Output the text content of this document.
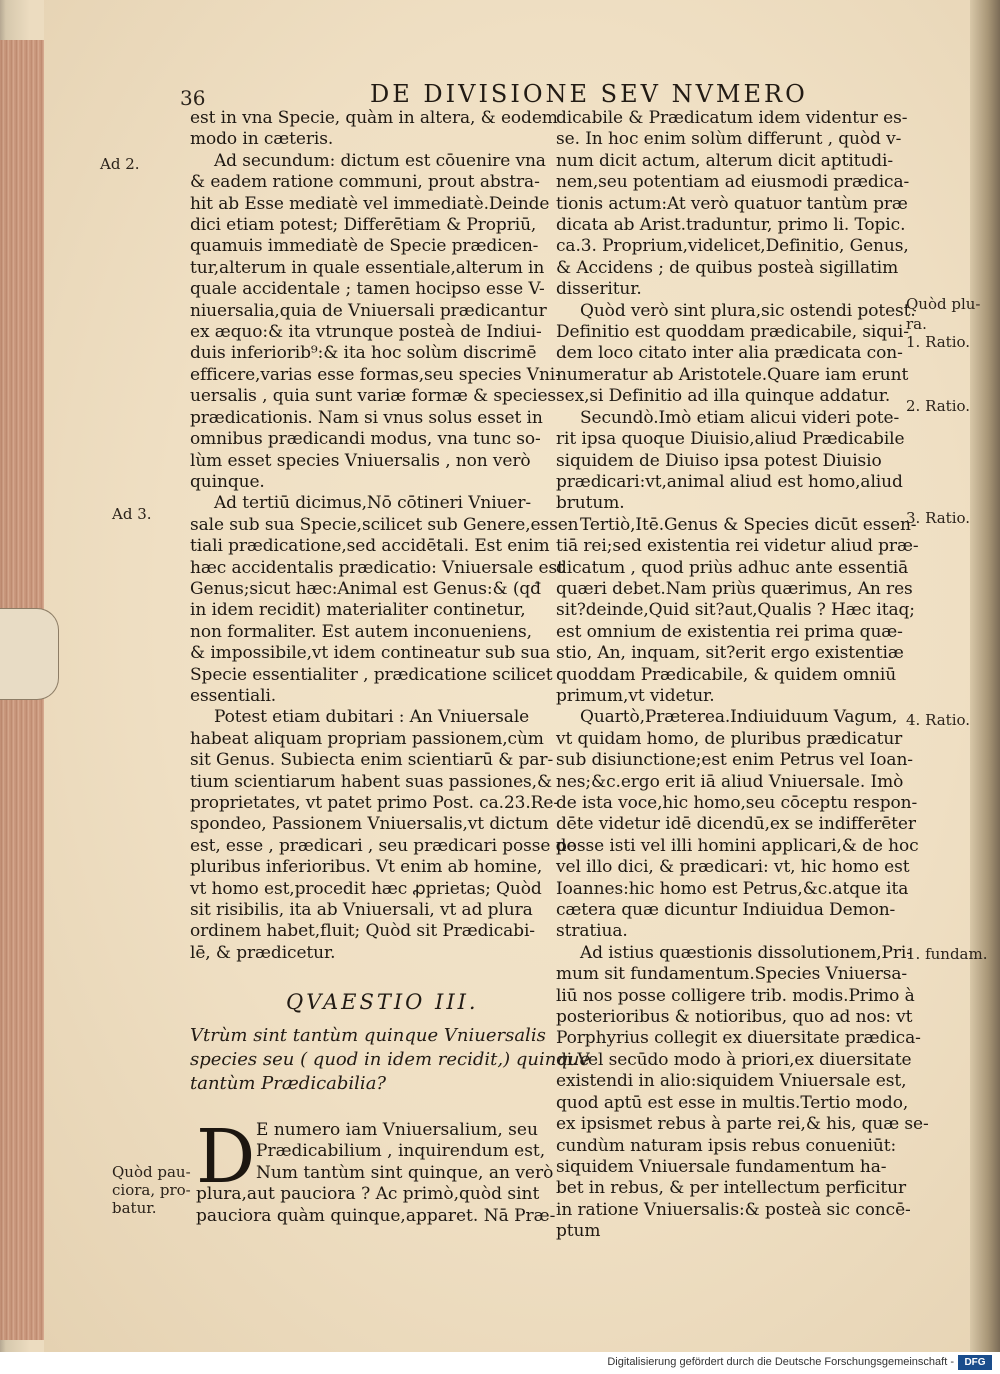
36	DE DIVISIONE SEV NVMERO

est in vna Specie, quàm in altera, & eodem

modo in cæteris.

Ad secundum: dictum est cōuenire vna

& eadem ratione communi, prout abstra-

hit ab Esse mediatè vel immediatè.Deinde

dici etiam potest; Differētiam & Propriū,

quamuis immediatè de Specie prædicen-

tur,alterum in quale essentiale,alterum in

quale accidentale ; tamen hocipso esse V-

niuersalia,quia de Vniuersali prædicantur

ex æquo:& ita vtrunque posteà de Indiui-

duis inferiorib⁹:& ita hoc solùm discrimē

efficere,varias esse formas,seu species Vni-

uersalis , quia sunt variæ formæ & species

prædicationis. Nam si vnus solus esset in

omnibus prædicandi modus, vna tunc so-

lùm esset species Vniuersalis , non verò

quinque.

Ad tertiū dicimus,Nō cōtineri Vniuer-

sale sub sua Specie,scilicet sub Genere,essen

tiali prædicatione,sed accidētali. Est enim

hæc accidentalis prædicatio: Vniuersale est

Genus;sicut hæc:Animal est Genus:& (qđ

in idem recidit) materialiter continetur,

non formaliter. Est autem inconueniens,

& impossibile,vt idem contineatur sub sua

Specie essentialiter , prædicatione scilicet

essentiali.

Potest etiam dubitari : An Vniuersale

habeat aliquam propriam passionem,cùm

sit Genus. Subiecta enim scientiarū & par-

tium scientiarum habent suas passiones,&

proprietates, vt patet primo Post. ca.23.Re-

spondeo, Passionem Vniuersalis,vt dictum

est, esse , prædicari , seu prædicari posse de

pluribus inferioribus. Vt enim ab homine,

vt homo est,procedit hæc ꝓprietas; Quòd

sit risibilis, ita ab Vniuersali, vt ad plura

ordinem habet,fluit; Quòd sit Prædicabi-

lē, & prædicetur.

dicabile & Prædicatum idem videntur es-

se. In hoc enim solùm differunt , quòd v-

num dicit actum, alterum dicit aptitudi-

nem,seu potentiam ad eiusmodi prædica-

tionis actum:At verò quatuor tantùm præ

dicata ab Arist.traduntur, primo li. Topic.

ca.3. Proprium,videlicet,Definitio, Genus,

& Accidens ; de quibus posteà sigillatim

disseritur.

Quòd verò sint plura,sic ostendi potest.

Definitio est quoddam prædicabile, siqui-

dem loco citato inter alia prædicata con-

numeratur ab Aristotele.Quare iam erunt

sex,si Definitio ad illa quinque addatur.

Secundò.Imò etiam alicui videri pote-

rit ipsa quoque Diuisio,aliud Prædicabile

siquidem de Diuiso ipsa potest Diuisio

prædicari:vt,animal aliud est homo,aliud

brutum.

Tertiò,Itē.Genus & Species dicūt essen-

tiā rei;sed existentia rei videtur aliud præ-

dicatum , quod priùs adhuc ante essentiā

quæri debet.Nam priùs quærimus, An res

sit?deinde,Quid sit?aut,Qualis ? Hæc itaq;

est omnium de existentia rei prima quæ-

stio, An, inquam, sit?erit ergo existentiæ

quoddam Prædicabile, & quidem omniū

primum,vt videtur.

Quartò,Præterea.Indiuiduum Vagum,

vt quidam homo, de pluribus prædicatur

sub disiunctione;est enim Petrus vel Ioan-

nes;&c.ergo erit iā aliud Vniuersale. Imò

de ista voce,hic homo,seu cōceptu respon-

dēte videtur idē dicendū,ex se indifferēter

posse isti vel illi homini applicari,& de hoc

vel illo dici, & prædicari: vt, hic homo est

Ioannes:hic homo est Petrus,&c.atque ita

cætera quæ dicuntur Indiuidua Demon-

stratiua.

Ad istius quæstionis dissolutionem,Pri-

mum sit fundamentum.Species Vniuersa-

liū nos posse colligere trib. modis.Primo à

posterioribus & notioribus, quo ad nos: vt

Porphyrius collegit ex diuersitate prædica-

di.Vel secūdo modo à priori,ex diuersitate

existendi in alio:siquidem Vniuersale est,

quod aptū est esse in multis.Tertio modo,

ex ipsismet rebus à parte rei,& his, quæ se-

cundùm naturam ipsis rebus conueniūt:

siquidem Vniuersale fundamentum ha-

bet in rebus, & per intellectum perficitur

in ratione Vniuersalis:& posteà sic concē-

ptum

QVAESTIO III.

Vtrùm sint tantùm quinque Vniuersalis

species seu ( quod in idem recidit,) quinque

tantùm Prædicabilia?

D E numero iam Vniuersalium, seu

Prædicabilium , inquirendum est,

Num tantùm sint quinque, an verò

plura,aut pauciora ? Ac primò,quòd sint

pauciora quàm quinque,apparet. Nā Præ-

Ad 2.
Ad 3.
Quòd pau-
ciora, pro-
batur.
Quòd plu-
ra.
1. Ratio.
2. Ratio.
3. Ratio.
4. Ratio.
1. fundam.
Digitalisierung gefördert durch die Deutsche Forschungsgemeinschaft -	DFG
